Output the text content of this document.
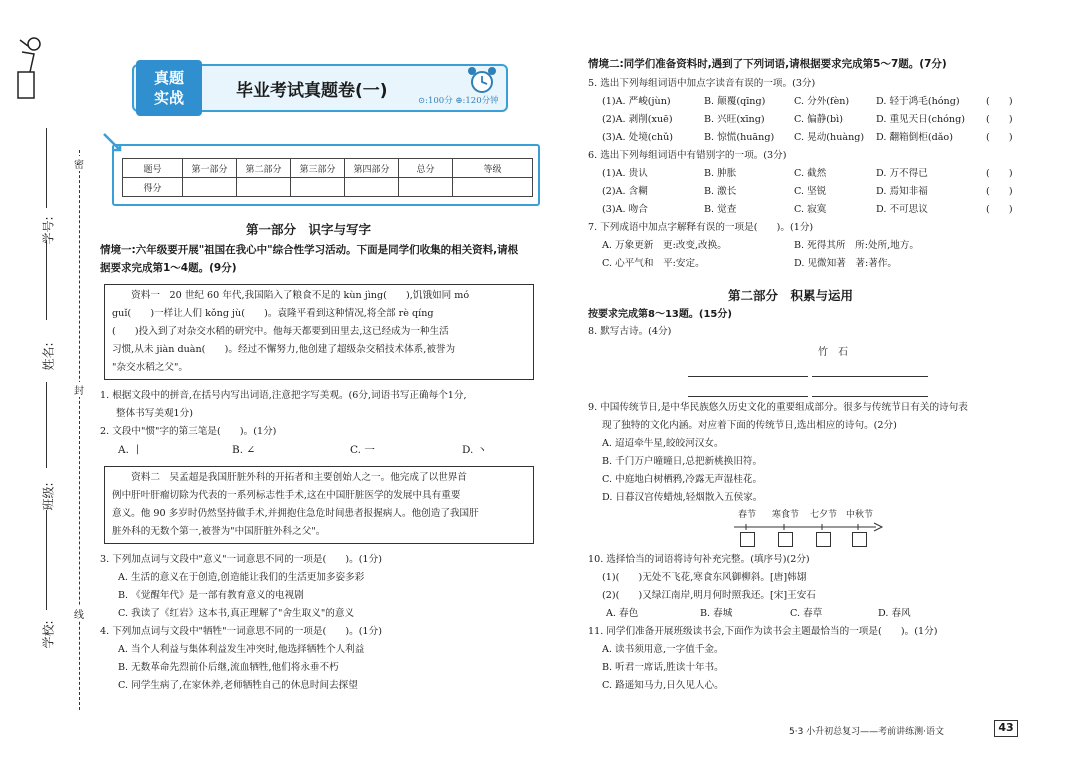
学号:
姓名:
班级:
学校:
密
封
线
真题
实战	毕业考试真题卷(一)	⊙:100分 ⊕:120分钟
题号	第一部分	第二部分	第三部分	第四部分	总分	等级
得分						
第一部分　识字与写字
情境一:六年级要开展"祖国在我心中"综合性学习活动。下面是同学们收集的相关资料,请根
据要求完成第1～4题。(9分)
　　资料一　20 世纪 60 年代,我国陷入了粮食不足的 kùn jìng(　　),饥饿如同 mó
guǐ(　　)一样让人们 kǒng jù(　　)。袁隆平看到这种情况,将全部 rè qíng
(　　)投入到了对杂交水稻的研究中。他每天都要到田里去,这已经成为一种生活
习惯,从未 jiàn duàn(　　)。经过不懈努力,他创建了超级杂交稻技术体系,被誉为
"杂交水稻之父"。
1. 根据文段中的拼音,在括号内写出词语,注意把字写美观。(6分,词语书写正确每个1分,
整体书写美观1分)
2. 文段中"惯"字的第三笔是(　　)。(1分)
A. 丨	B. ∠	C. 一	D. 丶
　　资料二　吴孟超是我国肝脏外科的开拓者和主要创始人之一。他完成了以世界首
例中肝叶肝瘤切除为代表的一系列标志性手术,这在中国肝脏医学的发展中具有重要
意义。他 90 多岁时仍然坚持做手术,并拥抱住急危时间患者报握病人。他创造了我国肝
脏外科的无数个第一,被誉为"中国肝脏外科之父"。
3. 下列加点词与文段中"意义"一词意思不同的一项是(　　)。(1分)
A. 生活的意义在于创造,创造能让我们的生活更加多姿多彩
B. 《觉醒年代》是一部有教育意义的电视剧
C. 我读了《红岩》这本书,真正理解了"舍生取义"的意义
4. 下列加点词与文段中"牺牲"一词意思不同的一项是(　　)。(1分)
A. 当个人利益与集体利益发生冲突时,他选择牺牲个人利益
B. 无数革命先烈前仆后继,流血牺牲,他们将永垂不朽
C. 同学生病了,在家休养,老师牺牲自己的休息时间去探望
情境二:同学们准备资料时,遇到了下列词语,请根据要求完成第5～7题。(7分)
5. 选出下列每组词语中加点字读音有误的一项。(3分)
(1)A. 严峻(jùn)	B. 颠覆(qīng)	C. 分外(fèn)	D. 轻于鸿毛(hóng)	(　　)
(2)A. 剥削(xuē)	B. 兴旺(xīng)	C. 偏静(bì)	D. 重见天日(chóng) (　　)
(3)A. 处境(chǔ)	B. 惊慌(huāng) C. 晃动(huàng) D. 翻箱倒柜(dǎo)	(　　)
6. 选出下列每组词语中有错别字的一项。(3分)
(1)A. 贵认	B. 肿胀	C. 截然	D. 万不得已	(　　)
(2)A. 含糊	B. 激长	C. 坚锐	D. 焉知非福	(　　)
(3)A. 吻合	B. 觉查	C. 寂寞	D. 不可思议	(　　)
7. 下列成语中加点字解释有误的一项是(　　)。(1分)
A. 万象更新　更:改变,改换。	B. 死得其所　所:处所,地方。
C. 心平气和　平:安定。	D. 见微知著　著:著作。
第二部分　积累与运用
按要求完成第8～13题。(15分)
8. 默写古诗。(4分)
竹　石
9. 中国传统节日,是中华民族悠久历史文化的重要组成部分。很多与传统节日有关的诗句表
现了独特的文化内涵。对应着下面的传统节日,选出相应的诗句。(2分)
A. 迢迢牵牛星,皎皎河汉女。
B. 千门万户曈曈日,总把新桃换旧符。
C. 中庭地白树栖鸦,冷露无声湿桂花。
D. 日暮汉宫传蜡烛,轻烟散入五侯家。
春节 寒食节 七夕节 中秋节
10. 选择恰当的词语将诗句补充完整。(填序号)(2分)
(1)(　　)无处不飞花,寒食东风御柳斜。[唐]韩翃
(2)(　　)又绿江南岸,明月何时照我还。[宋]王安石
A. 春色	B. 春城	C. 春草	D. 春风
11. 同学们准备开展班级读书会,下面作为读书会主题最恰当的一项是(　　)。(1分)
A. 读书须用意,一字值千金。
B. 听君一席话,胜读十年书。
C. 路遥知马力,日久见人心。
5·3 小升初总复习——考前讲练测·语文	43
